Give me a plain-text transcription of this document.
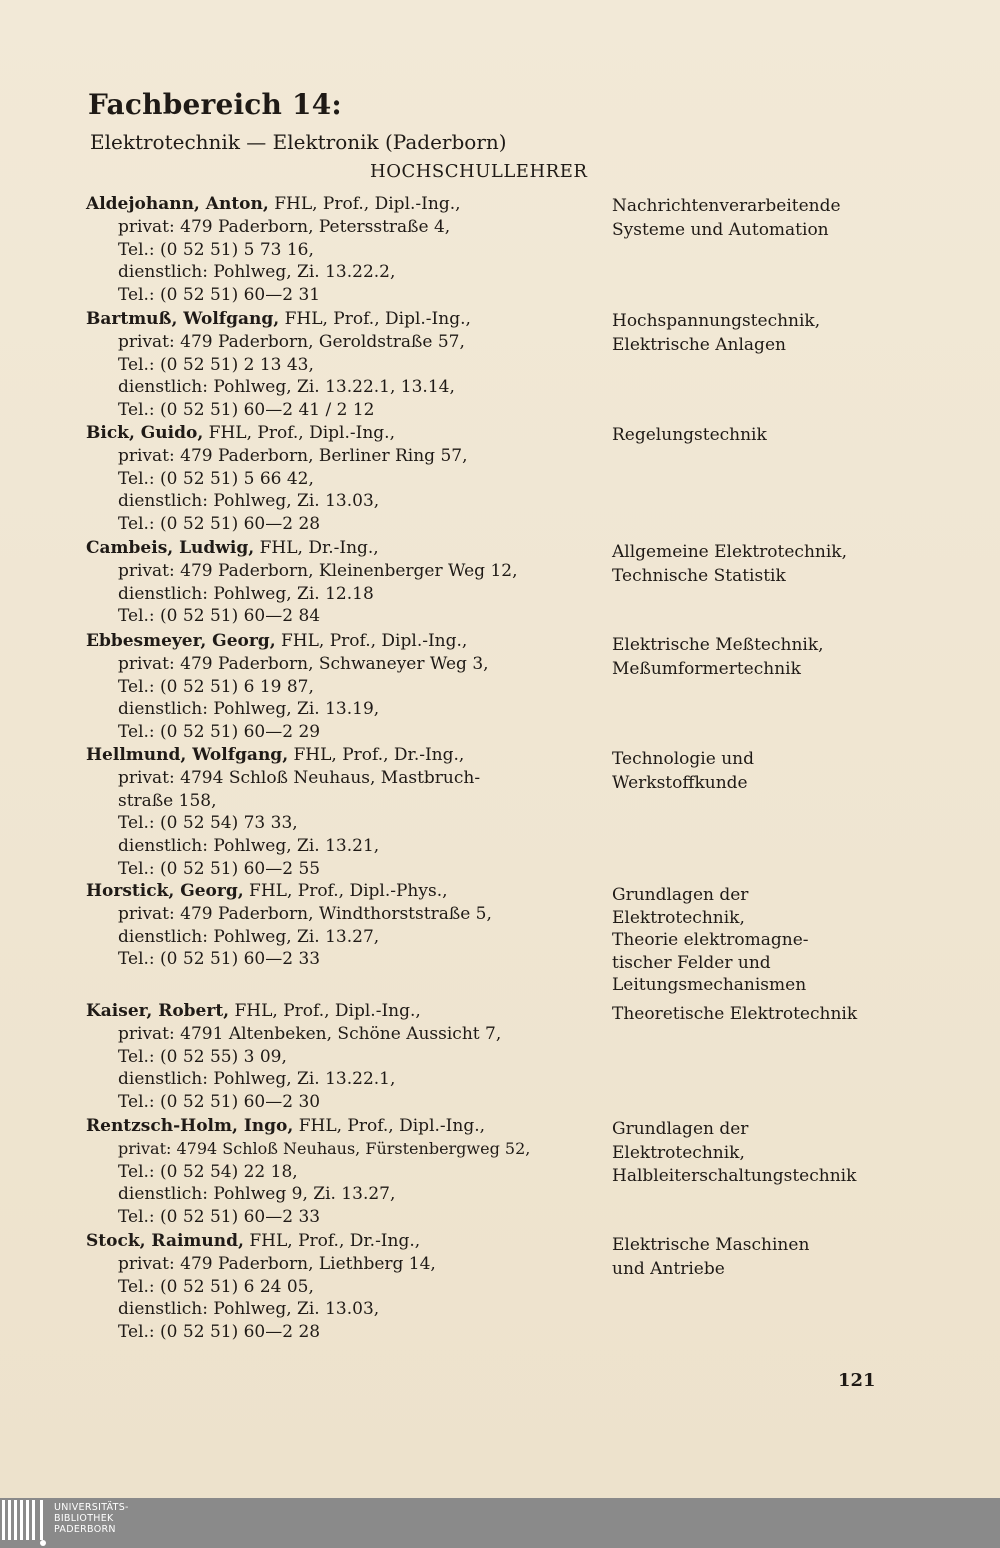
Fachbereich 14:
Elektrotechnik — Elektronik (Paderborn)
HOCHSCHULLEHRER
Aldejohann, Anton, FHL, Prof., Dipl.-Ing.,
privat: 479 Paderborn, Petersstraße 4,
Tel.: (0 52 51) 5 73 16,
dienstlich: Pohlweg, Zi. 13.22.2,
Tel.: (0 52 51) 60—2 31
Nachrichtenverarbeitende
Systeme und Automation
Bartmuß, Wolfgang, FHL, Prof., Dipl.-Ing.,
privat: 479 Paderborn, Geroldstraße 57,
Tel.: (0 52 51) 2 13 43,
dienstlich: Pohlweg, Zi. 13.22.1, 13.14,
Tel.: (0 52 51) 60—2 41 / 2 12
Hochspannungstechnik,
Elektrische Anlagen
Bick, Guido, FHL, Prof., Dipl.-Ing.,
privat: 479 Paderborn, Berliner Ring 57,
Tel.: (0 52 51) 5 66 42,
dienstlich: Pohlweg, Zi. 13.03,
Tel.: (0 52 51) 60—2 28
Regelungstechnik
Cambeis, Ludwig, FHL, Dr.-Ing.,
privat: 479 Paderborn, Kleinenberger Weg 12,
dienstlich: Pohlweg, Zi. 12.18
Tel.: (0 52 51) 60—2 84
Allgemeine Elektrotechnik,
Technische Statistik
Ebbesmeyer, Georg, FHL, Prof., Dipl.-Ing.,
privat: 479 Paderborn, Schwaneyer Weg 3,
Tel.: (0 52 51) 6 19 87,
dienstlich: Pohlweg, Zi. 13.19,
Tel.: (0 52 51) 60—2 29
Elektrische Meßtechnik,
Meßumformertechnik
Hellmund, Wolfgang, FHL, Prof., Dr.-Ing.,
privat: 4794 Schloß Neuhaus, Mastbruch-
straße 158,
Tel.: (0 52 54) 73 33,
dienstlich: Pohlweg, Zi. 13.21,
Tel.: (0 52 51) 60—2 55
Technologie und
Werkstoffkunde
Horstick, Georg, FHL, Prof., Dipl.-Phys.,
privat: 479 Paderborn, Windthorststraße 5,
dienstlich: Pohlweg, Zi. 13.27,
Tel.: (0 52 51) 60—2 33
Grundlagen der
Elektrotechnik,
Theorie elektromagne-
tischer Felder und
Leitungsmechanismen
Kaiser, Robert, FHL, Prof., Dipl.-Ing.,
privat: 4791 Altenbeken, Schöne Aussicht 7,
Tel.: (0 52 55) 3 09,
dienstlich: Pohlweg, Zi. 13.22.1,
Tel.: (0 52 51) 60—2 30
Theoretische Elektrotechnik
Rentzsch-Holm, Ingo, FHL, Prof., Dipl.-Ing.,
privat: 4794 Schloß Neuhaus, Fürstenbergweg 52,
Tel.: (0 52 54) 22 18,
dienstlich: Pohlweg 9, Zi. 13.27,
Tel.: (0 52 51) 60—2 33
Grundlagen der
Elektrotechnik,
Halbleiterschaltungstechnik
Stock, Raimund, FHL, Prof., Dr.-Ing.,
privat: 479 Paderborn, Liethberg 14,
Tel.: (0 52 51) 6 24 05,
dienstlich: Pohlweg, Zi. 13.03,
Tel.: (0 52 51) 60—2 28
Elektrische Maschinen
und Antriebe
121
UNIVERSITÄTS-
BIBLIOTHEK
PADERBORN
